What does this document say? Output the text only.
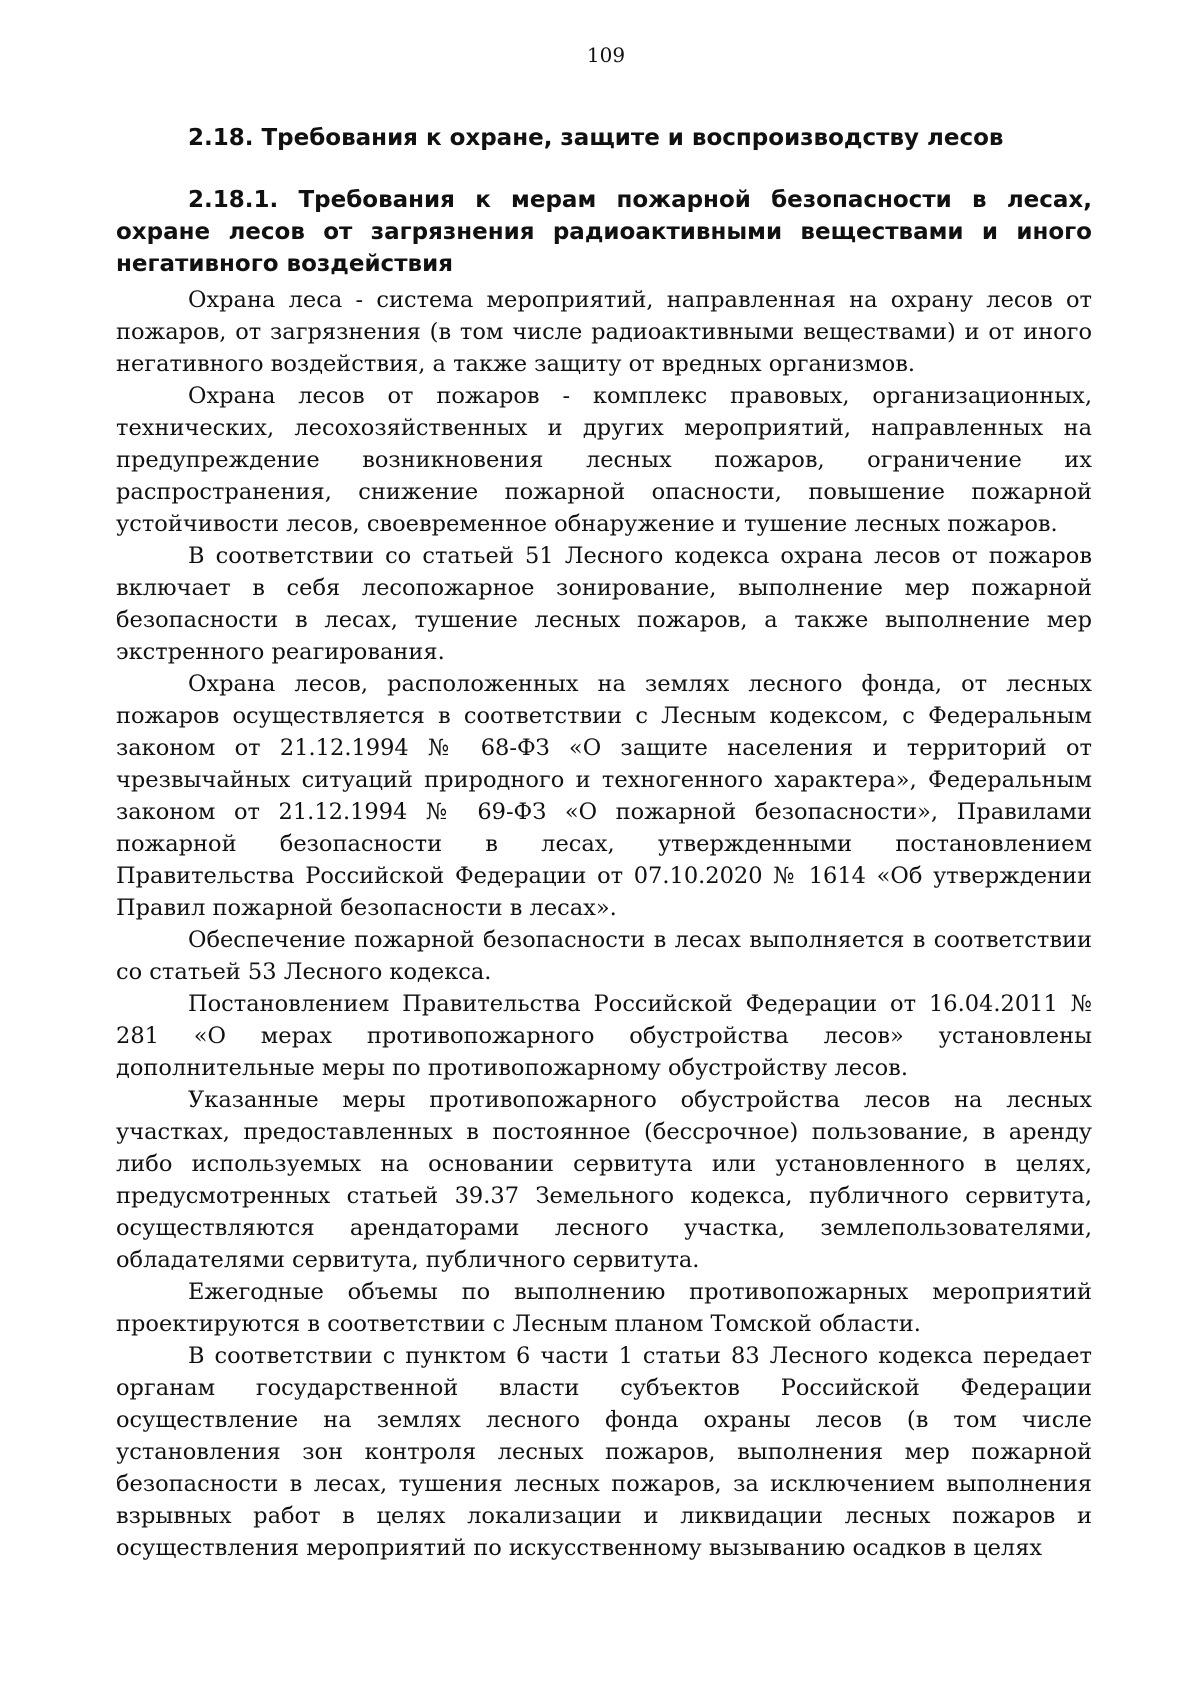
109
2.18. Требования к охране, защите и воспроизводству лесов
2.18.1. Требования к мерам пожарной безопасности в лесах, охране лесов от загрязнения радиоактивными веществами и иного негативного воздействия

Охрана леса - система мероприятий, направленная на охрану лесов от пожаров, от загрязнения (в том числе радиоактивными веществами) и от иного негативного воздействия, а также защиту от вредных организмов.

Охрана лесов от пожаров - комплекс правовых, организационных, технических, лесохозяйственных и других мероприятий, направленных на предупреждение возникновения лесных пожаров, ограничение их распространения, снижение пожарной опасности, повышение пожарной устойчивости лесов, своевременное обнаружение и тушение лесных пожаров.

В соответствии со статьей 51 Лесного кодекса охрана лесов от пожаров включает в себя лесопожарное зонирование, выполнение мер пожарной безопасности в лесах, тушение лесных пожаров, а также выполнение мер экстренного реагирования.

Охрана лесов, расположенных на землях лесного фонда, от лесных пожаров осуществляется в соответствии с Лесным кодексом, с Федеральным законом от 21.12.1994 № 68-ФЗ «О защите населения и территорий от чрезвычайных ситуаций природного и техногенного характера», Федеральным законом от 21.12.1994 № 69-ФЗ «О пожарной безопасности», Правилами пожарной безопасности в лесах, утвержденными постановлением Правительства Российской Федерации от 07.10.2020 № 1614 «Об утверждении Правил пожарной безопасности в лесах».

Обеспечение пожарной безопасности в лесах выполняется в соответствии со статьей 53 Лесного кодекса.

Постановлением Правительства Российской Федерации от 16.04.2011 № 281 «О мерах противопожарного обустройства лесов» установлены дополнительные меры по противопожарному обустройству лесов.

Указанные меры противопожарного обустройства лесов на лесных участках, предоставленных в постоянное (бессрочное) пользование, в аренду либо используемых на основании сервитута или установленного в целях, предусмотренных статьей 39.37 Земельного кодекса, публичного сервитута, осуществляются арендаторами лесного участка, землепользователями, обладателями сервитута, публичного сервитута.

Ежегодные объемы по выполнению противопожарных мероприятий проектируются в соответствии с Лесным планом Томской области.

В соответствии с пунктом 6 части 1 статьи 83 Лесного кодекса передает органам государственной власти субъектов Российской Федерации осуществление на землях лесного фонда охраны лесов (в том числе установления зон контроля лесных пожаров, выполнения мер пожарной безопасности в лесах, тушения лесных пожаров, за исключением выполнения взрывных работ в целях локализации и ликвидации лесных пожаров и осуществления мероприятий по искусственному вызыванию осадков в целях
